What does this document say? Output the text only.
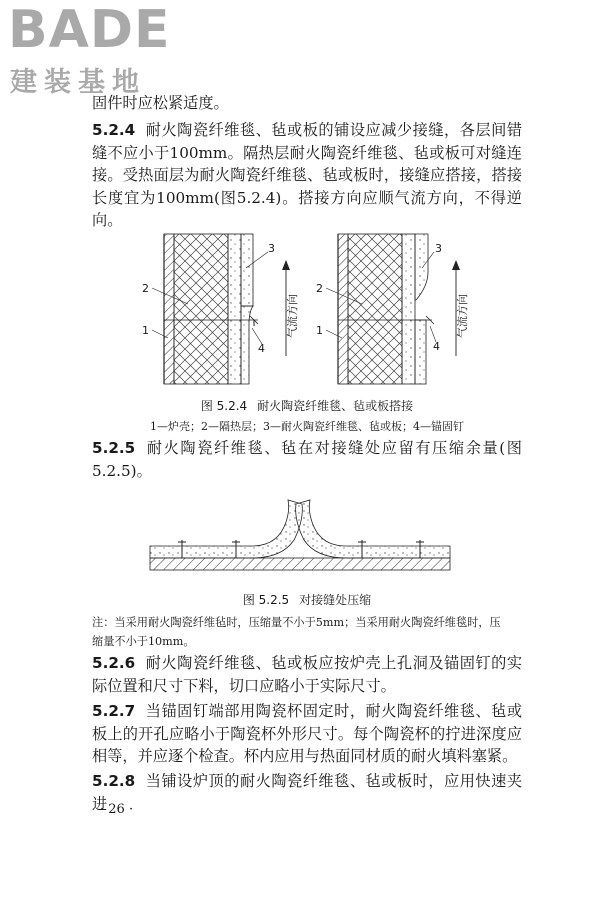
BADE
建装基地

固件时应松紧适度。

5.2.4 耐火陶瓷纤维毯、毡或板的铺设应减少接缝，各层间错缝不应小于100mm。隔热层耐火陶瓷纤维毯、毡或板可对缝连接。受热面层为耐火陶瓷纤维毯、毡或板时，接缝应搭接，搭接长度宜为100mm(图5.2.4)。搭接方向应顺气流方向，不得逆向。

2
1
3
4
2
1
3
4
气流方向	气流方向
图 5.2.4 耐火陶瓷纤维毯、毡或板搭接
1—炉壳；2—隔热层；3—耐火陶瓷纤维毯、毡或板；4—锚固钉

5.2.5 耐火陶瓷纤维毯、毡在对接缝处应留有压缩余量(图5.2.5)。

图 5.2.5 对接缝处压缩
注：当采用耐火陶瓷纤维毡时，压缩量不小于5mm；当采用耐火陶瓷纤维毯时，压
缩量不小于10mm。

5.2.6 耐火陶瓷纤维毯、毡或板应按炉壳上孔洞及锚固钉的实际位置和尺寸下料，切口应略小于实际尺寸。

5.2.7 当锚固钉端部用陶瓷杯固定时，耐火陶瓷纤维毯、毡或板上的开孔应略小于陶瓷杯外形尺寸。每个陶瓷杯的拧进深度应相等，并应逐个检查。杯内应用与热面同材质的耐火填料塞紧。

5.2.8 当铺设炉顶的耐火陶瓷纤维毯、毡或板时，应用快速夹进

· 26 ·
